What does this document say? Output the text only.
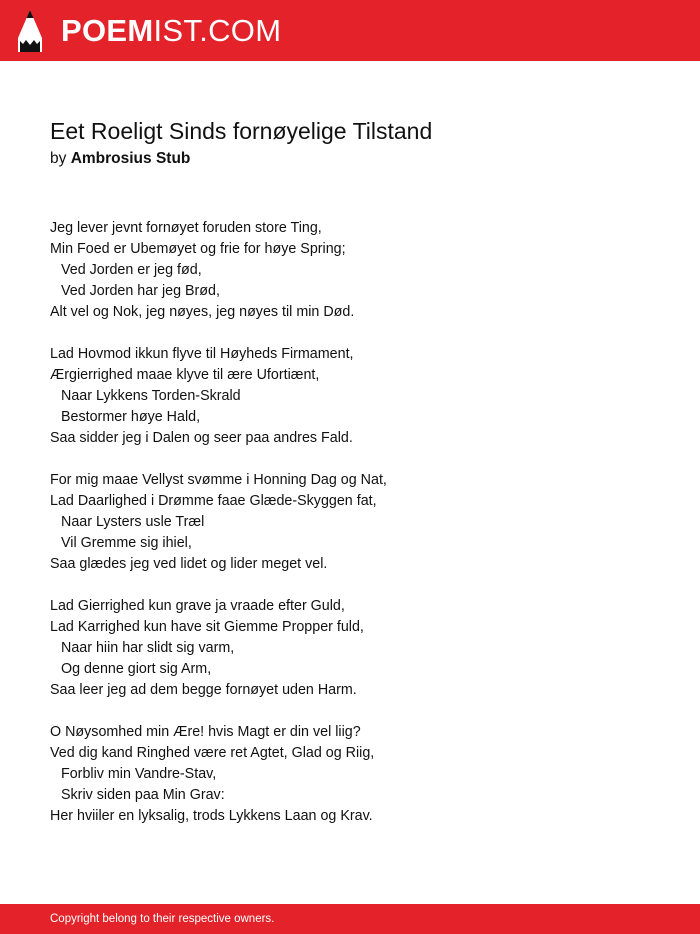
POEMIST.COM
Eet Roeligt Sinds fornøyelige Tilstand
by Ambrosius Stub
Jeg lever jevnt fornøyet foruden store Ting,
Min Foed er Ubemøyet og frie for høye Spring;
Ved Jorden er jeg fød,
Ved Jorden har jeg Brød,
Alt vel og Nok, jeg nøyes, jeg nøyes til min Død.
Lad Hovmod ikkun flyve til Høyheds Firmament,
Ærgierrighed maae klyve til ære Ufortiænt,
Naar Lykkens Torden-Skrald
Bestormer høye Hald,
Saa sidder jeg i Dalen og seer paa andres Fald.
For mig maae Vellyst svømme i Honning Dag og Nat,
Lad Daarlighed i Drømme faae Glæde-Skyggen fat,
Naar Lysters usle Træl
Vil Gremme sig ihiel,
Saa glædes jeg ved lidet og lider meget vel.
Lad Gierrighed kun grave ja vraade efter Guld,
Lad Karrighed kun have sit Giemme Propper fuld,
Naar hiin har slidt sig varm,
Og denne giort sig Arm,
Saa leer jeg ad dem begge fornøyet uden Harm.
O Nøysomhed min Ære! hvis Magt er din vel liig?
Ved dig kand Ringhed være ret Agtet, Glad og Riig,
Forbliv min Vandre-Stav,
Skriv siden paa Min Grav:
Her hviiler en lyksalig, trods Lykkens Laan og Krav.
Copyright belong to their respective owners.
